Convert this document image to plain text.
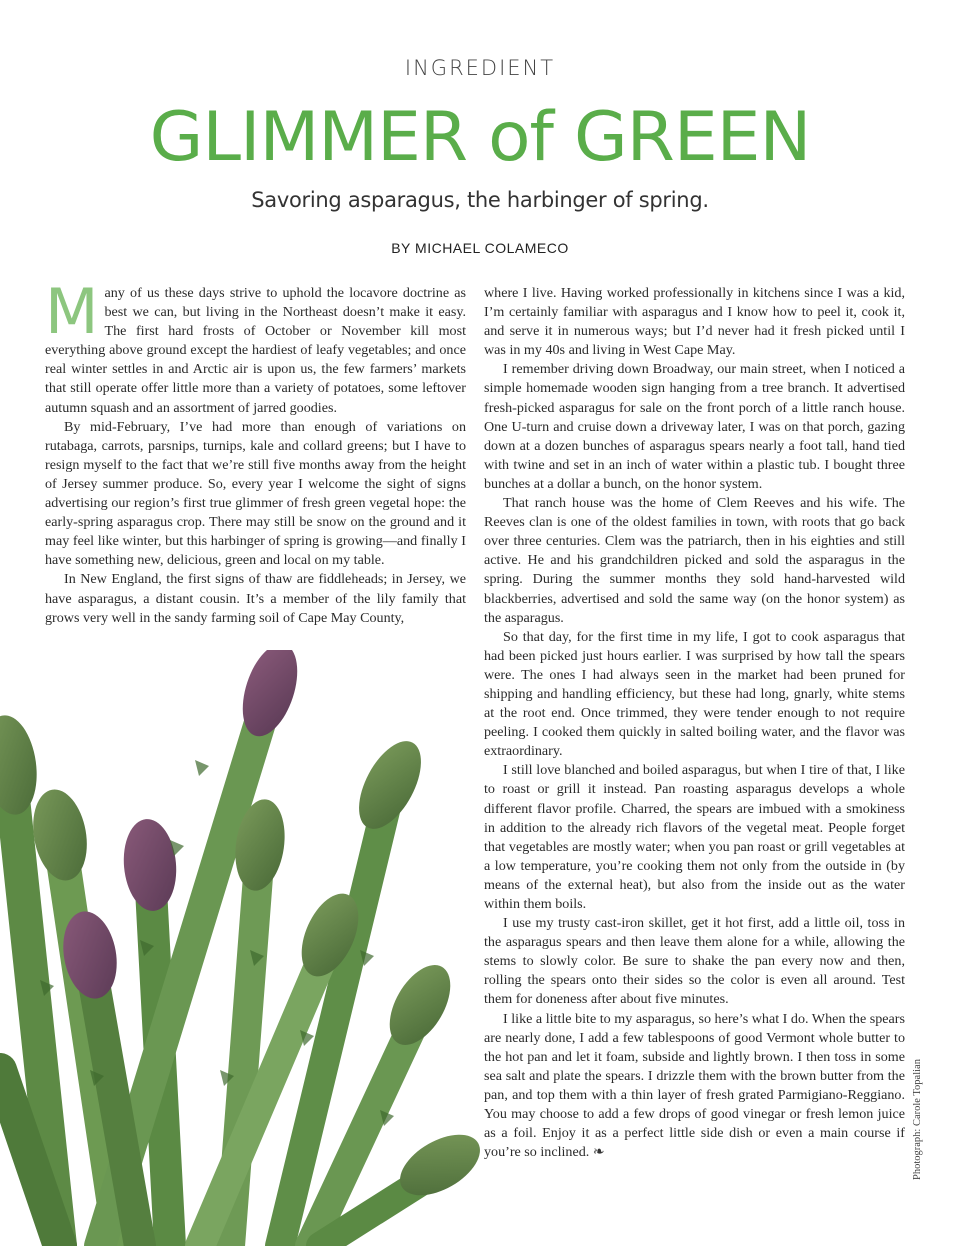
INGREDIENT
GLIMMER of GREEN
Savoring asparagus, the harbinger of spring.
BY MICHAEL COLAMECO

Many of us these days strive to uphold the locavore doctrine as best we can, but living in the Northeast doesn’t make it easy. The first hard frosts of October or November kill most everything above ground except the hardiest of leafy vegetables; and once real winter settles in and Arctic air is upon us, the few farmers’ markets that still operate offer little more than a variety of potatoes, some leftover autumn squash and an assortment of jarred goodies.

By mid-February, I’ve had more than enough of variations on rutabaga, carrots, parsnips, turnips, kale and collard greens; but I have to resign myself to the fact that we’re still five months away from the height of Jersey summer produce. So, every year I welcome the sight of signs advertising our region’s first true glimmer of fresh green vegetal hope: the early-spring asparagus crop. There may still be snow on the ground and it may feel like winter, but this harbinger of spring is growing—and finally I have something new, delicious, green and local on my table.

In New England, the first signs of thaw are fiddleheads; in Jersey, we have asparagus, a distant cousin. It’s a member of the lily family that grows very well in the sandy farming soil of Cape May County,

where I live. Having worked professionally in kitchens since I was a kid, I’m certainly familiar with asparagus and I know how to peel it, cook it, and serve it in numerous ways; but I’d never had it fresh picked until I was in my 40s and living in West Cape May.

I remember driving down Broadway, our main street, when I noticed a simple homemade wooden sign hanging from a tree branch. It advertised fresh-picked asparagus for sale on the front porch of a little ranch house. One U-turn and cruise down a driveway later, I was on that porch, gazing down at a dozen bunches of asparagus spears nearly a foot tall, hand tied with twine and set in an inch of water within a plastic tub. I bought three bunches at a dollar a bunch, on the honor system.

That ranch house was the home of Clem Reeves and his wife. The Reeves clan is one of the oldest families in town, with roots that go back over three centuries. Clem was the patriarch, then in his eighties and still active. He and his grandchildren picked and sold the asparagus in the spring. During the summer months they sold hand-harvested wild blackberries, advertised and sold the same way (on the honor system) as the asparagus.

So that day, for the first time in my life, I got to cook asparagus that had been picked just hours earlier. I was surprised by how tall the spears were. The ones I had always seen in the market had been pruned for shipping and handling efficiency, but these had long, gnarly, white stems at the root end. Once trimmed, they were tender enough to not require peeling. I cooked them quickly in salted boiling water, and the flavor was extraordinary.

I still love blanched and boiled asparagus, but when I tire of that, I like to roast or grill it instead. Pan roasting asparagus develops a whole different flavor profile. Charred, the spears are imbued with a smokiness in addition to the already rich flavors of the vegetal meat. People forget that vegetables are mostly water; when you pan roast or grill vegetables at a low temperature, you’re cooking them not only from the outside in (by means of the external heat), but also from the inside out as the water within them boils.

I use my trusty cast-iron skillet, get it hot first, add a little oil, toss in the asparagus spears and then leave them alone for a while, allowing the stems to slowly color. Be sure to shake the pan every now and then, rolling the spears onto their sides so the color is even all around. Test them for doneness after about five minutes.

I like a little bite to my asparagus, so here’s what I do. When the spears are nearly done, I add a few tablespoons of good Vermont whole butter to the hot pan and let it foam, subside and lightly brown. I then toss in some sea salt and plate the spears. I drizzle them with the brown butter from the pan, and top them with a thin layer of fresh grated Parmigiano-Reggiano. You may choose to add a few drops of good vinegar or fresh lemon juice as a foil. Enjoy it as a perfect little side dish or even a main course if you’re so inclined. ❧	Photograph: Carole Topalian
